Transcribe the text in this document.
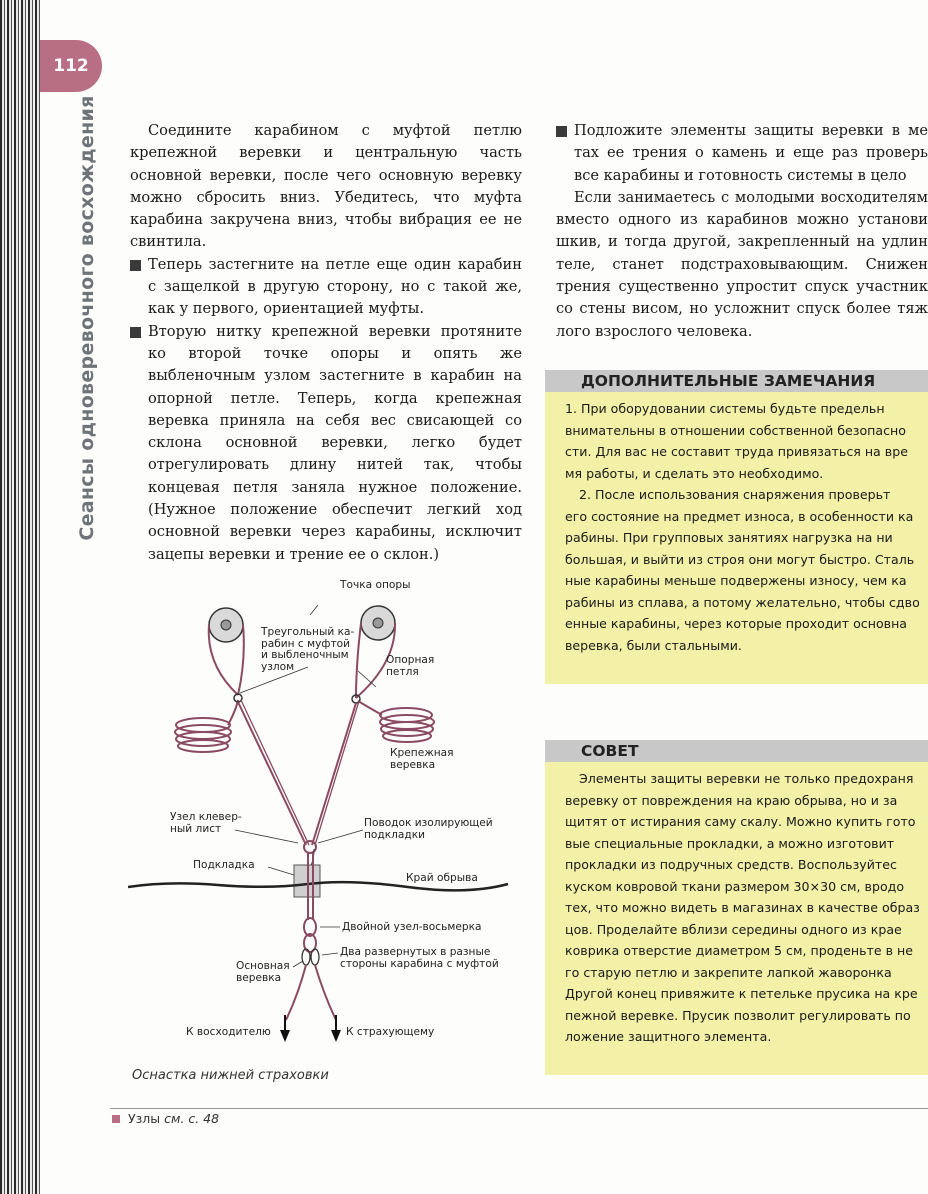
112
Сеансы одноверевочного восхождения	Соедините карабином с муфтой петлю крепежной веревки и центральную часть основной веревки, после чего основную веревку можно сбросить вниз. Убедитесь, что муфта карабина закручена вниз, чтобы вибрация ее не свинтила.

Теперь застегните на петле еще один карабин с защелкой в другую сторону, но с такой же, как у первого, ориентацией муфты.

Вторую нитку крепежной веревки протяните ко второй точке опоры и опять же выбленочным узлом застегните в карабин на опорной петле. Теперь, когда крепежная веревка приняла на себя вес свисающей со склона основной веревки, легко будет отрегулировать длину нитей так, чтобы концевая петля заняла нужное положение. (Нужное положение обеспечит легкий ход основной веревки через карабины, исключит зацепы веревки и трение ее о склон.)

Подложите элементы защиты веревки в ме тах ее трения о камень и еще раз проверь все карабины и готовность системы в цело

Если занимаетесь с молодыми восходителям вместо одного из карабинов можно установи шкив, и тогда другой, закрепленный на удлин теле, станет подстраховывающим. Снижен трения существенно упростит спуск участник со стены висом, но усложнит спуск более тяж лого взрослого человека.

ДОПОЛНИТЕЛЬНЫЕ ЗАМЕЧАНИЯ
1. При оборудовании системы будьте предельн
внимательны в отношении собственной безопасно
сти. Для вас не составит труда привязаться на вре
мя работы, и сделать это необходимо.
2. После использования снаряжения проверьт
его состояние на предмет износа, в особенности ка
рабины. При групповых занятиях нагрузка на ни
большая, и выйти из строя они могут быстро. Сталь
ные карабины меньше подвержены износу, чем ка
рабины из сплава, а потому желательно, чтобы сдво
енные карабины, через которые проходит основна
веревка, были стальными.

СОВЕТ
Элементы защиты веревки не только предохраня
веревку от повреждения на краю обрыва, но и за
щитят от истирания саму скалу. Можно купить гото
вые специальные прокладки, а можно изготовит
прокладки из подручных средств. Воспользуйтес
куском ковровой ткани размером 30×30 см, вродо
тех, что можно видеть в магазинах в качестве образ
цов. Проделайте вблизи середины одного из крае
коврика отверстие диаметром 5 см, проденьте в не
го старую петлю и закрепите лапкой жаворонка
Другой конец привяжите к петельке прусика на кре
пежной веревке. Прусик позволит регулировать по
ложение защитного элемента.

Точка опоры
Треугольный ка-
рабин с муфтой
и выбленочным
узлом
Опорная
петля
Крепежная
веревка
Узел клевер-
ный лист	Поводок изолирующей
подкладки
Подкладка
Край обрыва
Двойной узел-восьмерка
Два развернутых в разные
стороны карабина с муфтой
Основная
веревка
К восходителю	К страхующему
Оснастка нижней страховки
Узлы см. с. 48
